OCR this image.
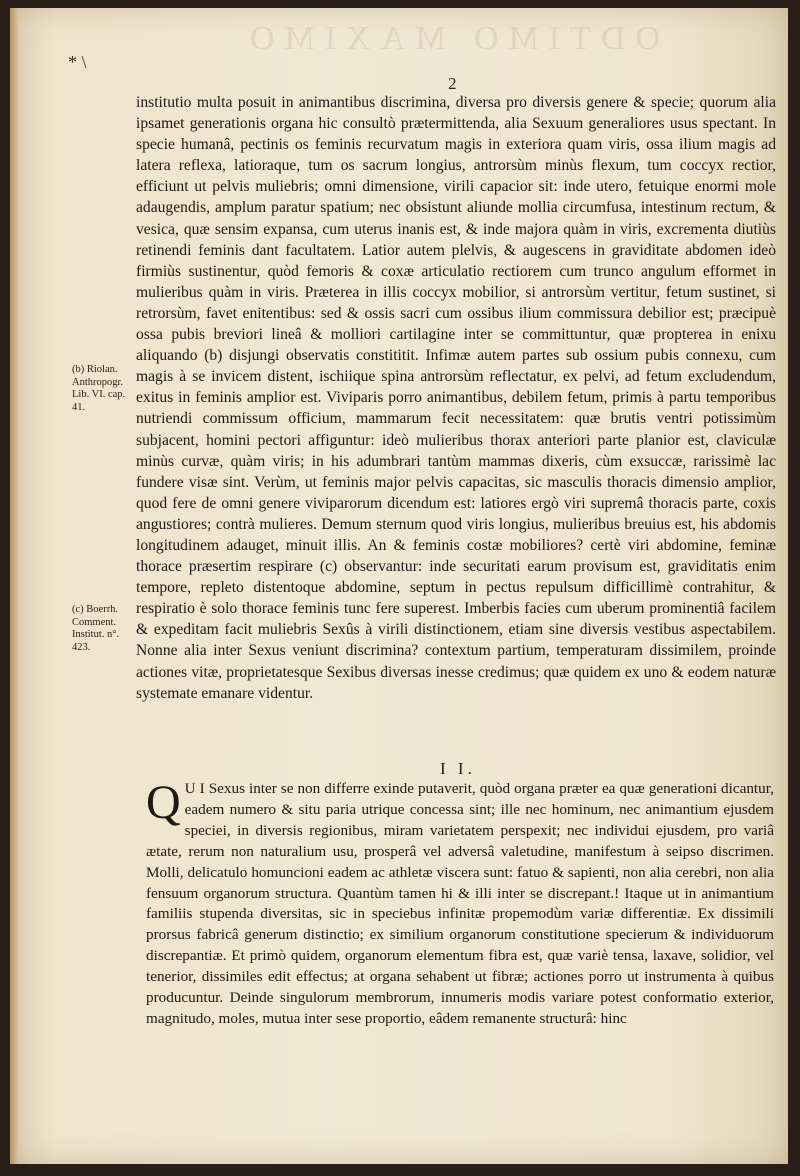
ODTIMO MAXIMO
* \
2

institutio multa posuit in animantibus discrimina, diversa pro diversis genere & specie; quorum alia ipsamet generationis organa hic consultò prætermittenda, alia Sexuum generaliores usus spectant. In specie humanâ, pectinis os feminis recurvatum magis in exteriora quam viris, ossa ilium magis ad latera reflexa, latioraque, tum os sacrum longius, antrorsùm minùs flexum, tum coccyx rectior, efficiunt ut pelvis muliebris; omni dimensione, virili capacior sit: inde utero, fetuique enormi mole adaugendis, amplum paratur spatium; nec obsistunt aliunde mollia circumfusa, intestinum rectum, & vesica, quæ sensim expansa, cum uterus inanis est, & inde majora quàm in viris, excrementa diutiùs retinendi feminis dant facultatem. Latior autem plelvis, & augescens in graviditate abdomen ideò firmiùs sustinentur, quòd femoris & coxæ articulatio rectiorem cum trunco angulum efformet in mulieribus quàm in viris. Præterea in illis coccyx mobilior, si antrorsùm vertitur, fetum sustinet, si retrorsùm, favet enitentibus: sed & ossis sacri cum ossibus ilium commissura debilior est; præcipuè ossa pubis breviori lineâ & molliori cartilagine inter se committuntur, quæ propterea in enixu aliquando (b) disjungi observatis constititit. Infimæ autem partes sub ossium pubis connexu, cum magis à se invicem distent, ischiique spina antrorsùm reflectatur, ex pelvi, ad fetum excludendum, exitus in feminis amplior est. Viviparis porro animantibus, debilem fetum, primis à partu temporibus nutriendi commissum officium, mammarum fecit necessitatem: quæ brutis ventri potissimùm subjacent, homini pectori affiguntur: ideò mulieribus thorax anteriori parte planior est, claviculæ minùs curvæ, quàm viris; in his adumbrari tantùm mammas dixeris, cùm exsuccæ, rarissimè lac fundere visæ sint. Verùm, ut feminis major pelvis capacitas, sic masculis thoracis dimensio amplior, quod fere de omni genere viviparorum dicendum est: latiores ergò viri supremâ thoracis parte, coxis angustiores; contrà mulieres. Demum sternum quod viris longius, mulieribus breuius est, his abdomis longitudinem adauget, minuit illis. An & feminis costæ mobiliores? certè viri abdomine, feminæ thorace præsertim respirare (c) observantur: inde securitati earum provisum est, graviditatis enim tempore, repleto distentoque abdomine, septum in pectus repulsum difficillimè contrahitur, & respiratio è solo thorace feminis tunc fere superest. Imberbis facies cum uberum prominentiâ facilem & expeditam facit muliebris Sexûs à virili distinctionem, etiam sine diversis vestibus aspectabilem. Nonne alia inter Sexus veniunt discrimina? contextum partium, temperaturam dissimilem, proinde actiones vitæ, proprietatesque Sexibus diversas inesse credimus; quæ quidem ex uno & eodem naturæ systemate emanare videntur.

(b) Riolan. Anthropogr. Lib. VI. cap. 41.
(c) Boerrh. Comment. Institut. n°. 423.
I I.
Q U I Sexus inter se non differre exinde putaverit, quòd organa præter ea quæ generationi dicantur, eadem numero & situ paria utrique concessa sint; ille nec hominum, nec animantium ejusdem speciei, in diversis regionibus, miram varietatem perspexit; nec individui ejusdem, pro variâ ætate, rerum non naturalium usu, prosperâ vel adversâ valetudine, manifestum à seipso discrimen. Molli, delicatulo homuncioni eadem ac athletæ viscera sunt: fatuo & sapienti, non alia cerebri, non alia fensuum organorum structura. Quantùm tamen hi & illi inter se discrepant.! Itaque ut in animantium familiis stupenda diversitas, sic in speciebus infinitæ propemodùm variæ differentiæ. Ex dissimili prorsus fabricâ generum distinctio; ex similium organorum constitutione specierum & individuorum discrepantiæ. Et primò quidem, organorum elementum fibra est, quæ variè tensa, laxave, solidior, vel tenerior, dissimiles edit effectus; at organa sehabent ut fibræ; actiones porro ut instrumenta à quibus producuntur. Deinde singulorum membrorum, innumeris modis variare potest conformatio exterior, magnitudo, moles, mutua inter sese proportio, eâdem remanente structurâ: hinc
